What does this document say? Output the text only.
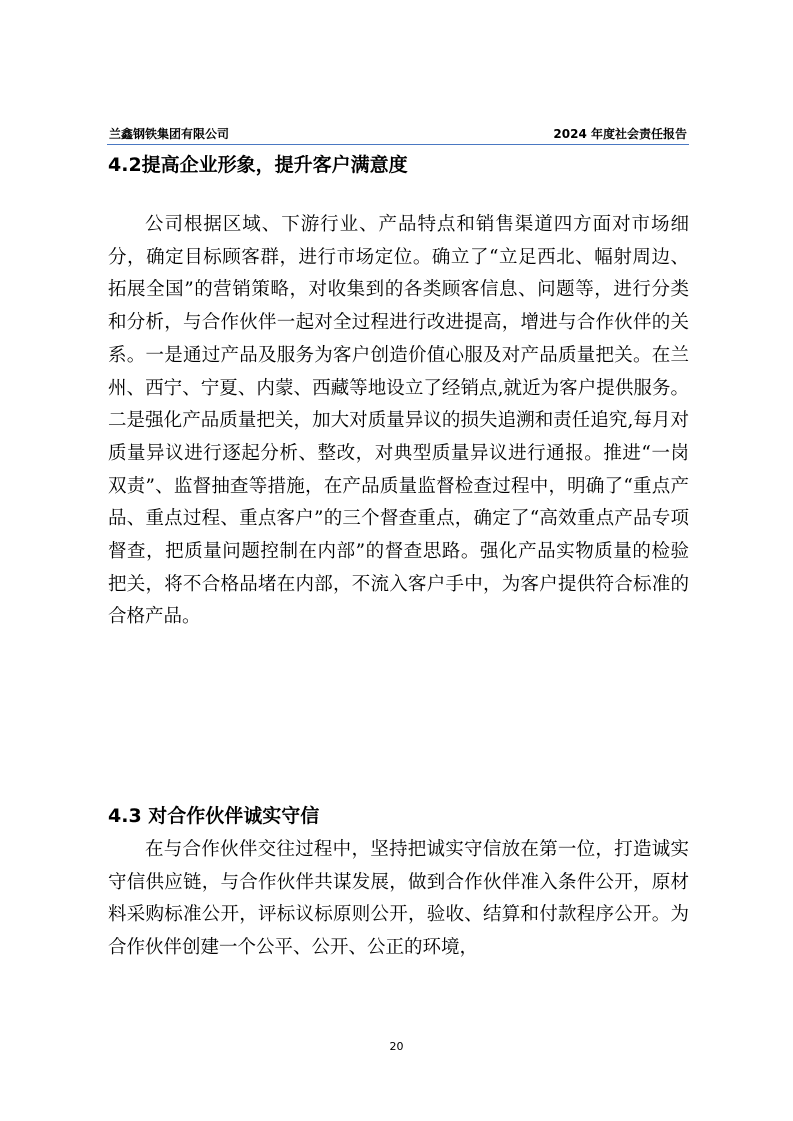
兰鑫钢铁集团有限公司	2024 年度社会责任报告
4.2提高企业形象，提升客户满意度

公司根据区域、下游行业、产品特点和销售渠道四方面对市场细分，确定目标顾客群，进行市场定位。确立了“立足西北、幅射周边、拓展全国”的营销策略，对收集到的各类顾客信息、问题等，进行分类和分析，与合作伙伴一起对全过程进行改进提高，增进与合作伙伴的关系。一是通过产品及服务为客户创造价值心服及对产品质量把关。在兰州、西宁、宁夏、内蒙、西藏等地设立了经销点,就近为客户提供服务。二是强化产品质量把关，加大对质量异议的损失追溯和责任追究,每月对质量异议进行逐起分析、整改，对典型质量异议进行通报。推进“一岗双责”、监督抽查等措施，在产品质量监督检查过程中，明确了“重点产品、重点过程、重点客户”的三个督查重点，确定了“高效重点产品专项督查，把质量问题控制在内部”的督查思路。强化产品实物质量的检验把关，将不合格品堵在内部，不流入客户手中，为客户提供符合标准的合格产品。

4.3 对合作伙伴诚实守信

在与合作伙伴交往过程中，坚持把诚实守信放在第一位，打造诚实守信供应链，与合作伙伴共谋发展，做到合作伙伴准入条件公开，原材料采购标准公开，评标议标原则公开，验收、结算和付款程序公开。为合作伙伴创建一个公平、公开、公正的环境，

20
